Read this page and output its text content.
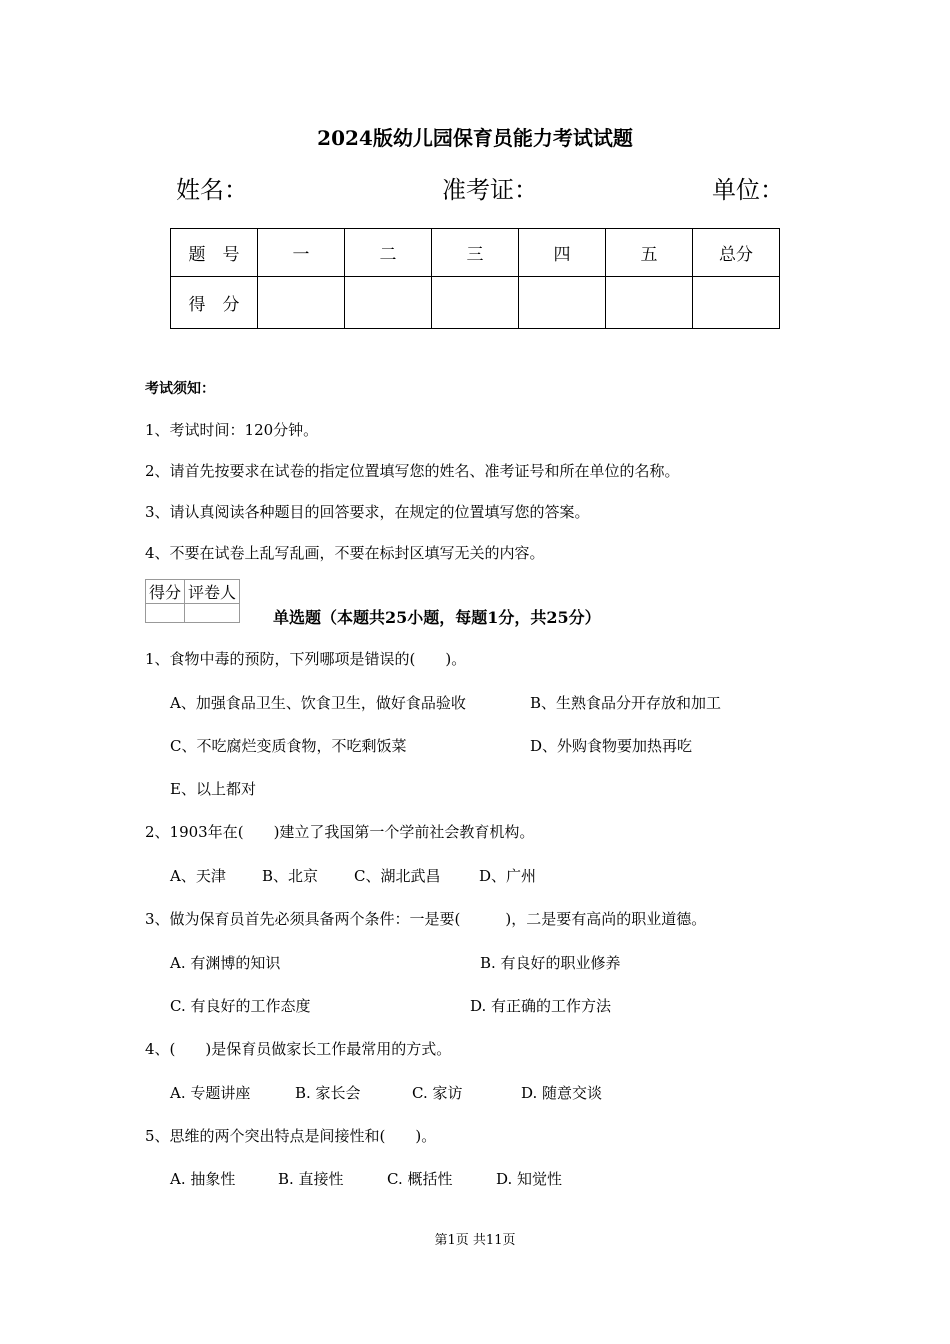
2024版幼儿园保育员能力考试试题
姓名：	准考证：	单位：
题　号	一	二	三	四	五	总分
得　分						
考试须知：
1、考试时间：120分钟。
2、请首先按要求在试卷的指定位置填写您的姓名、准考证号和所在单位的名称。
3、请认真阅读各种题目的回答要求，在规定的位置填写您的答案。
4、不要在试卷上乱写乱画，不要在标封区填写无关的内容。
得分	评卷人

单选题（本题共25小题，每题1分，共25分）
1、食物中毒的预防，下列哪项是错误的(　　)。
A、加强食品卫生、饮食卫生，做好食品验收	B、生熟食品分开存放和加工
C、不吃腐烂变质食物，不吃剩饭菜	D、外购食物要加热再吃
E、以上都对
2、1903年在(　　)建立了我国第一个学前社会教育机构。
A、天津 B、北京 C、湖北武昌	D、广州
3、做为保育员首先必须具备两个条件：一是要(　　　)，二是要有高尚的职业道德。
A. 有渊博的知识	B. 有良好的职业修养
C. 有良好的工作态度	D. 有正确的工作方法
4、(　　)是保育员做家长工作最常用的方式。
A. 专题讲座	B. 家长会	C. 家访	D. 随意交谈
5、思维的两个突出特点是间接性和(　　)。
A. 抽象性	B. 直接性	C. 概括性	D. 知觉性
第1页 共11页
